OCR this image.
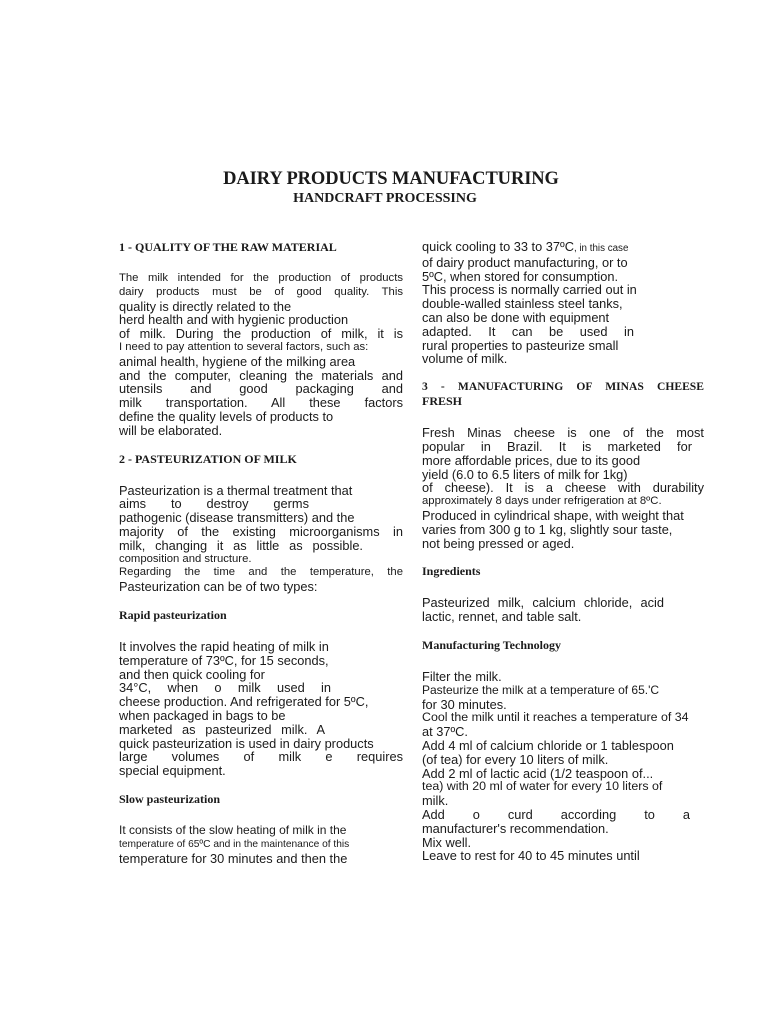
DAIRY PRODUCTS MANUFACTURING
HANDCRAFT PROCESSING

1 - QUALITY OF THE RAW MATERIAL

The milk intended for the production of products
dairy products must be of good quality. This
quality is directly related to the
herd health and with hygienic production
of milk. During the production of milk, it is
I need to pay attention to several factors, such as:
animal health, hygiene of the milking area
and the computer, cleaning the materials and
utensils and good packaging and
milk transportation. All these factors
define the quality levels of products to
will be elaborated.

2 - PASTEURIZATION OF MILK

Pasteurization is a thermal treatment that
aims to destroy germs
pathogenic (disease transmitters) and the
majority of the existing microorganisms in
milk, changing it as little as possible.
composition and structure.
Regarding the time and the temperature, the
Pasteurization can be of two types:

Rapid pasteurization

It involves the rapid heating of milk in
temperature of 73ºC, for 15 seconds,
and then quick cooling for
34°C, when o milk used in
cheese production. And refrigerated for 5ºC,
when packaged in bags to be
marketed as pasteurized milk. A
quick pasteurization is used in dairy products
large volumes of milk e requires
special equipment.

Slow pasteurization

It consists of the slow heating of milk in the
temperature of 65ºC and in the maintenance of this
temperature for 30 minutes and then the
quick cooling to 33 to 37ºC, in this case
of dairy product manufacturing, or to
5ºC, when stored for consumption.
This process is normally carried out in
double-walled stainless steel tanks,
can also be done with equipment
adapted. It can be used in
rural properties to pasteurize small
volume of milk.

3 - MANUFACTURING OF MINAS CHEESE
FRESH

Fresh Minas cheese is one of the most
popular in Brazil. It is marketed for
more affordable prices, due to its good
yield (6.0 to 6.5 liters of milk for 1kg)
of cheese). It is a cheese with durability
approximately 8 days under refrigeration at 8ºC.
Produced in cylindrical shape, with weight that
varies from 300 g to 1 kg, slightly sour taste,
not being pressed or aged.

Ingredients

Pasteurized milk, calcium chloride, acid
lactic, rennet, and table salt.

Manufacturing Technology

Filter the milk.
Pasteurize the milk at a temperature of 65.'C
for 30 minutes.
Cool the milk until it reaches a temperature of 34
at 37ºC.
Add 4 ml of calcium chloride or 1 tablespoon
(of tea) for every 10 liters of milk.
Add 2 ml of lactic acid (1/2 teaspoon of...
tea) with 20 ml of water for every 10 liters of
milk.
Add o curd according to a
manufacturer's recommendation.
Mix well.
Leave to rest for 40 to 45 minutes until
